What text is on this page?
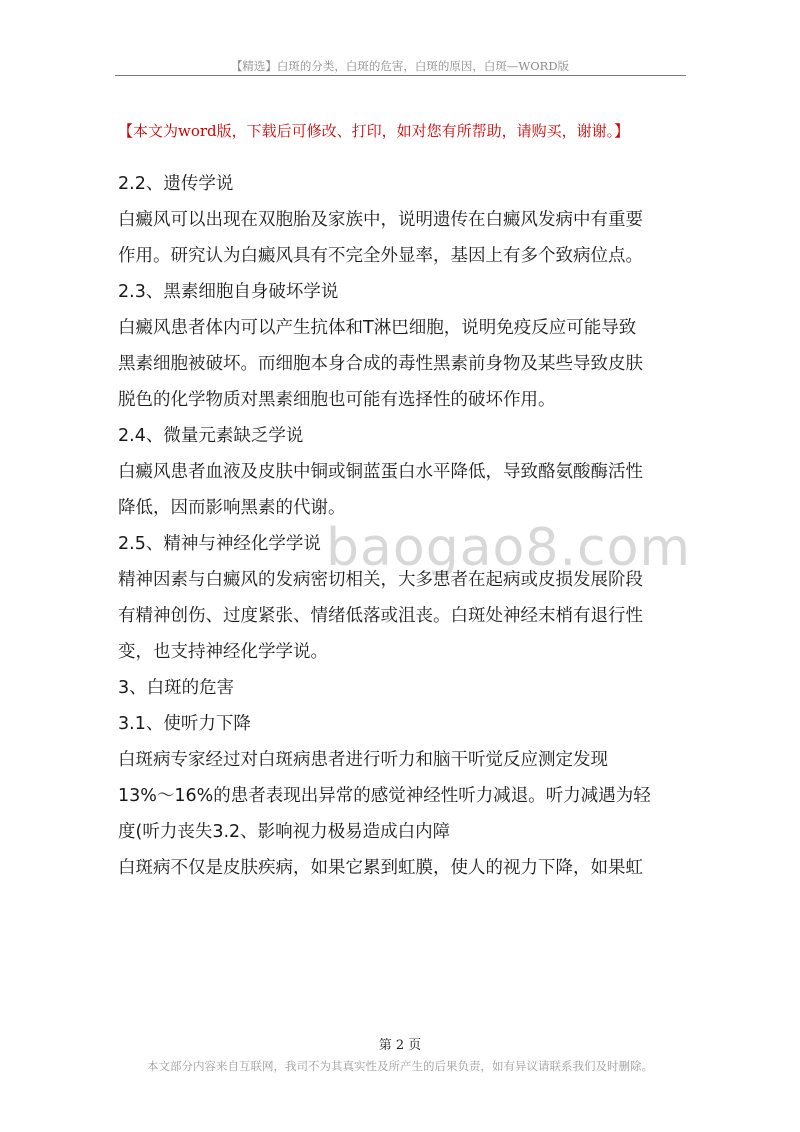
【精选】白斑的分类，白斑的危害，白斑的原因，白斑—WORD版
【本文为word版，下载后可修改、打印，如对您有所帮助，请购买，谢谢。】
baogao8.com

2.2、遗传学说

白癜风可以出现在双胞胎及家族中，说明遗传在白癜风发病中有重要

作用。研究认为白癜风具有不完全外显率，基因上有多个致病位点。

2.3、黑素细胞自身破坏学说

白癜风患者体内可以产生抗体和T淋巴细胞，说明免疫反应可能导致

黑素细胞被破坏。而细胞本身合成的毒性黑素前身物及某些导致皮肤

脱色的化学物质对黑素细胞也可能有选择性的破坏作用。

2.4、微量元素缺乏学说

白癜风患者血液及皮肤中铜或铜蓝蛋白水平降低，导致酪氨酸酶活性

降低，因而影响黑素的代谢。

2.5、精神与神经化学学说

精神因素与白癜风的发病密切相关，大多患者在起病或皮损发展阶段

有精神创伤、过度紧张、情绪低落或沮丧。白斑处神经末梢有退行性

变，也支持神经化学学说。

3、白斑的危害

3.1、使听力下降

白斑病专家经过对白斑病患者进行听力和脑干听觉反应测定发现

13%～16%的患者表现出异常的感觉神经性听力减退。听力减遇为轻

度(听力丧失3.2、影响视力极易造成白内障

白斑病不仅是皮肤疾病，如果它累到虹膜，使人的视力下降，如果虹

第 2 页
本文部分内容来自互联网，我司不为其真实性及所产生的后果负责，如有异议请联系我们及时删除。
